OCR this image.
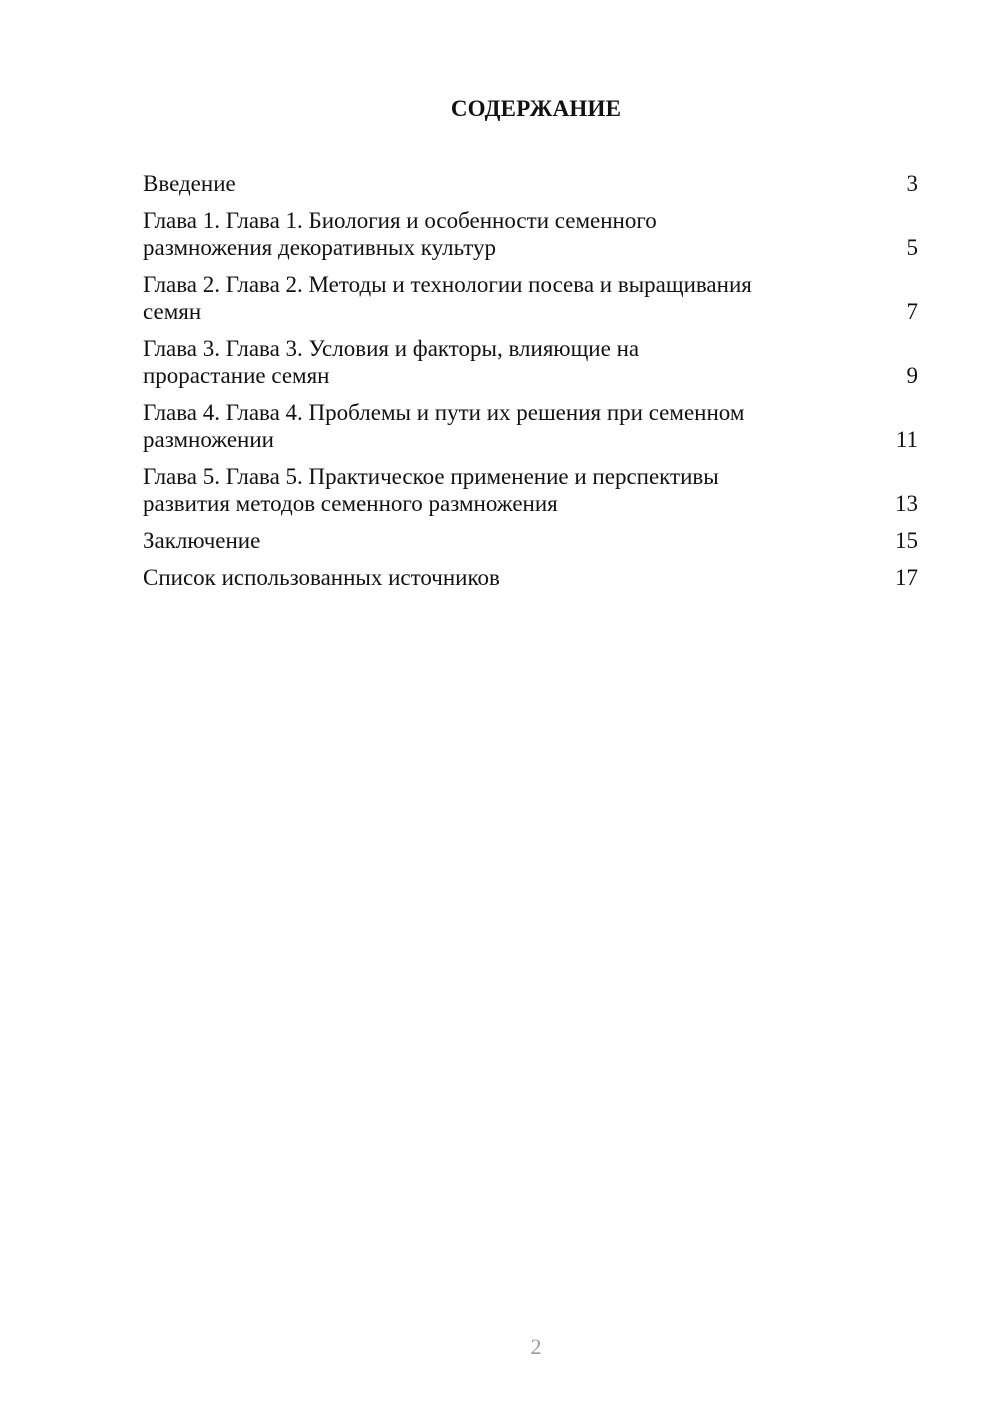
СОДЕРЖАНИЕ
Введение	3
Глава 1. Глава 1. Биология и особенности семенного
размножения декоративных культур	5
Глава 2. Глава 2. Методы и технологии посева и выращивания
семян	7
Глава 3. Глава 3. Условия и факторы, влияющие на
прорастание семян	9
Глава 4. Глава 4. Проблемы и пути их решения при семенном
размножении	11
Глава 5. Глава 5. Практическое применение и перспективы
развития методов семенного размножения	13
Заключение	15
Список использованных источников	17
2
